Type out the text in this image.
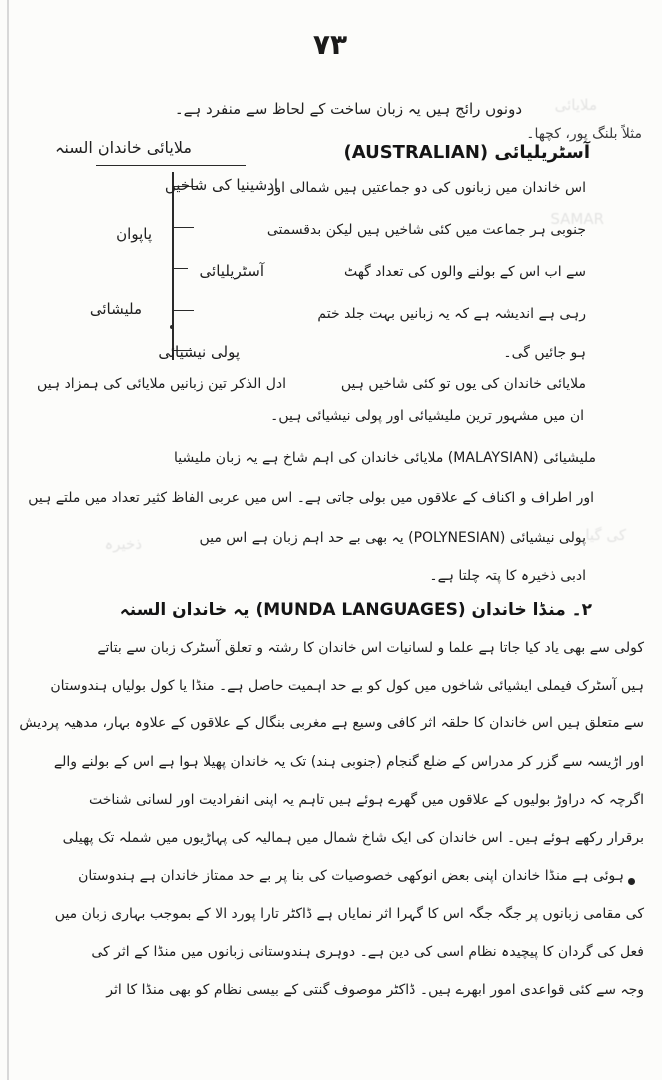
ملایائی
SAMAR
کی گیا
ذخیرہ
۷۳
دونوں رائج ہیں یہ زبان ساخت کے لحاظ سے منفرد ہے۔
مثلاً بلنگ پور، کچھا۔
ملایائی خاندان السنہ
ادشینیا کی شاخیں
پاپوان
آسٹریلیائی
ملیشائی
پولی نیشیائی
آسٹریلیائی (AUSTRALIAN)
اس خاندان میں زبانوں کی دو جماعتیں ہیں شمالی اور
جنوبی ہر جماعت میں کئی شاخیں ہیں لیکن بدقسمتی
سے اب اس کے بولنے والوں کی تعداد گھٹ
رہی ہے اندیشہ ہے کہ یہ زبانیں بہت جلد ختم
ہو جائیں گی۔
ملایائی خاندان کی یوں تو کئی شاخیں ہیں
ادل الذکر تین زبانیں ملایائی کی ہمزاد ہیں
ان میں مشہور ترین ملیشیائی اور پولی نیشیائی ہیں۔
ملیشیائی (MALAYSIAN) ملایائی خاندان کی اہم شاخ ہے یہ زبان ملیشیا
اور اطراف و اکناف کے علاقوں میں بولی جاتی ہے۔ اس میں عربی الفاظ کثیر تعداد میں ملتے ہیں
پولی نیشیائی (POLYNESIAN) یہ بھی بے حد اہم زبان ہے اس میں
ادبی ذخیرہ کا پتہ چلتا ہے۔
۲۔ منڈا خاندان (MUNDA LANGUAGES) یہ خاندان السنہ
کولی سے بھی یاد کیا جاتا ہے علما و لسانیات اس خاندان کا رشتہ و تعلق آسٹرک زبان سے بتاتے
ہیں آسٹرک فیملی ایشیائی شاخوں میں کول کو بے حد اہمیت حاصل ہے۔ منڈا یا کول بولیاں ہندوستان
سے متعلق ہیں اس خاندان کا حلقہ اثر کافی وسیع ہے مغربی بنگال کے علاقوں کے علاوہ بہار، مدھیہ پردیش
اور اڑیسہ سے گزر کر مدراس کے ضلع گنجام (جنوبی ہند) تک یہ خاندان پھیلا ہوا ہے اس کے بولنے والے
اگرچہ کہ دراوڑ بولیوں کے علاقوں میں گھرے ہوئے ہیں تاہم یہ اپنی انفرادیت اور لسانی شناخت
برقرار رکھے ہوئے ہیں۔ اس خاندان کی ایک شاخ شمال میں ہمالیہ کی پہاڑیوں میں شملہ تک پھیلی
ہوئی ہے منڈا خاندان اپنی بعض انوکھی خصوصیات کی بنا پر بے حد ممتاز خاندان ہے ہندوستان
کی مقامی زبانوں پر جگہ جگہ اس کا گہرا اثر نمایاں ہے ڈاکٹر تارا پورد الا کے بموجب بہاری زبان میں
فعل کی گردان کا پیچیدہ نظام اسی کی دین ہے۔ دوہری ہندوستانی زبانوں میں منڈا کے اثر کی
وجہ سے کئی قواعدی امور ابھرے ہیں۔ ڈاکٹر موصوف گنتی کے بیسی نظام کو بھی منڈا کا اثر
